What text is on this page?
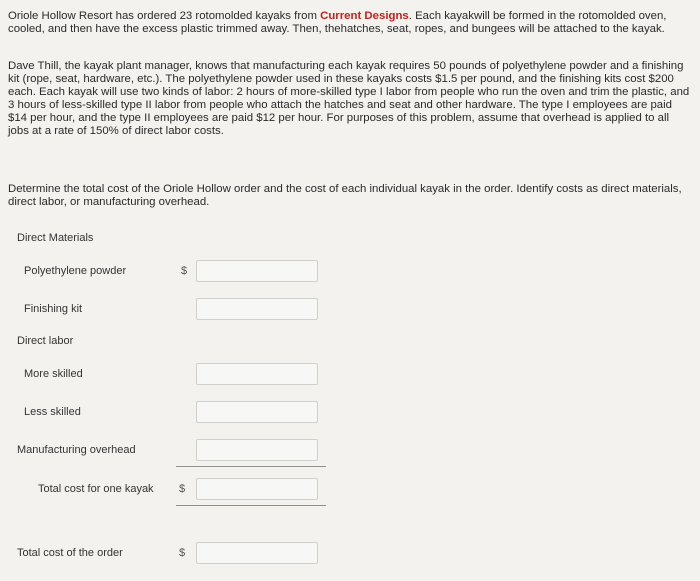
Oriole Hollow Resort has ordered 23 rotomolded kayaks from Current Designs. Each kayakwill be formed in the rotomolded oven, cooled, and then have the excess plastic trimmed away. Then, thehatches, seat, ropes, and bungees will be attached to the kayak.

Dave Thill, the kayak plant manager, knows that manufacturing each kayak requires 50 pounds of polyethylene powder and a finishing kit (rope, seat, hardware, etc.). The polyethylene powder used in these kayaks costs $1.5 per pound, and the finishing kits cost $200 each. Each kayak will use two kinds of labor: 2 hours of more-skilled type I labor from people who run the oven and trim the plastic, and 3 hours of less-skilled type II labor from people who attach the hatches and seat and other hardware. The type I employees are paid $14 per hour, and the type II employees are paid $12 per hour. For purposes of this problem, assume that overhead is applied to all jobs at a rate of 150% of direct labor costs.

Determine the total cost of the Oriole Hollow order and the cost of each individual kayak in the order. Identify costs as direct materials, direct labor, or manufacturing overhead.

Direct Materials
Polyethylene powder	$
Finishing kit
Direct labor
More skilled
Less skilled
Manufacturing overhead
Total cost for one kayak $
Total cost of the order	$
